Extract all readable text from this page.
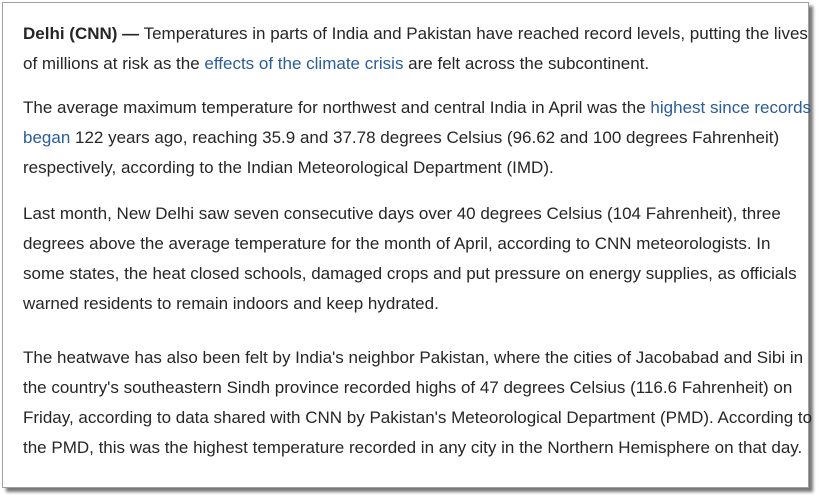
Delhi (CNN) — Temperatures in parts of India and Pakistan have reached record levels, putting the lives of millions at risk as the effects of the climate crisis are felt across the subcontinent.

The average maximum temperature for northwest and central India in April was the highest since records began 122 years ago, reaching 35.9 and 37.78 degrees Celsius (96.62 and 100 degrees Fahrenheit) respectively, according to the Indian Meteorological Department (IMD).

Last month, New Delhi saw seven consecutive days over 40 degrees Celsius (104 Fahrenheit), three degrees above the average temperature for the month of April, according to CNN meteorologists. In some states, the heat closed schools, damaged crops and put pressure on energy supplies, as officials warned residents to remain indoors and keep hydrated.

The heatwave has also been felt by India's neighbor Pakistan, where the cities of Jacobabad and Sibi in the country's southeastern Sindh province recorded highs of 47 degrees Celsius (116.6 Fahrenheit) on Friday, according to data shared with CNN by Pakistan's Meteorological Department (PMD). According to the PMD, this was the highest temperature recorded in any city in the Northern Hemisphere on that day.
